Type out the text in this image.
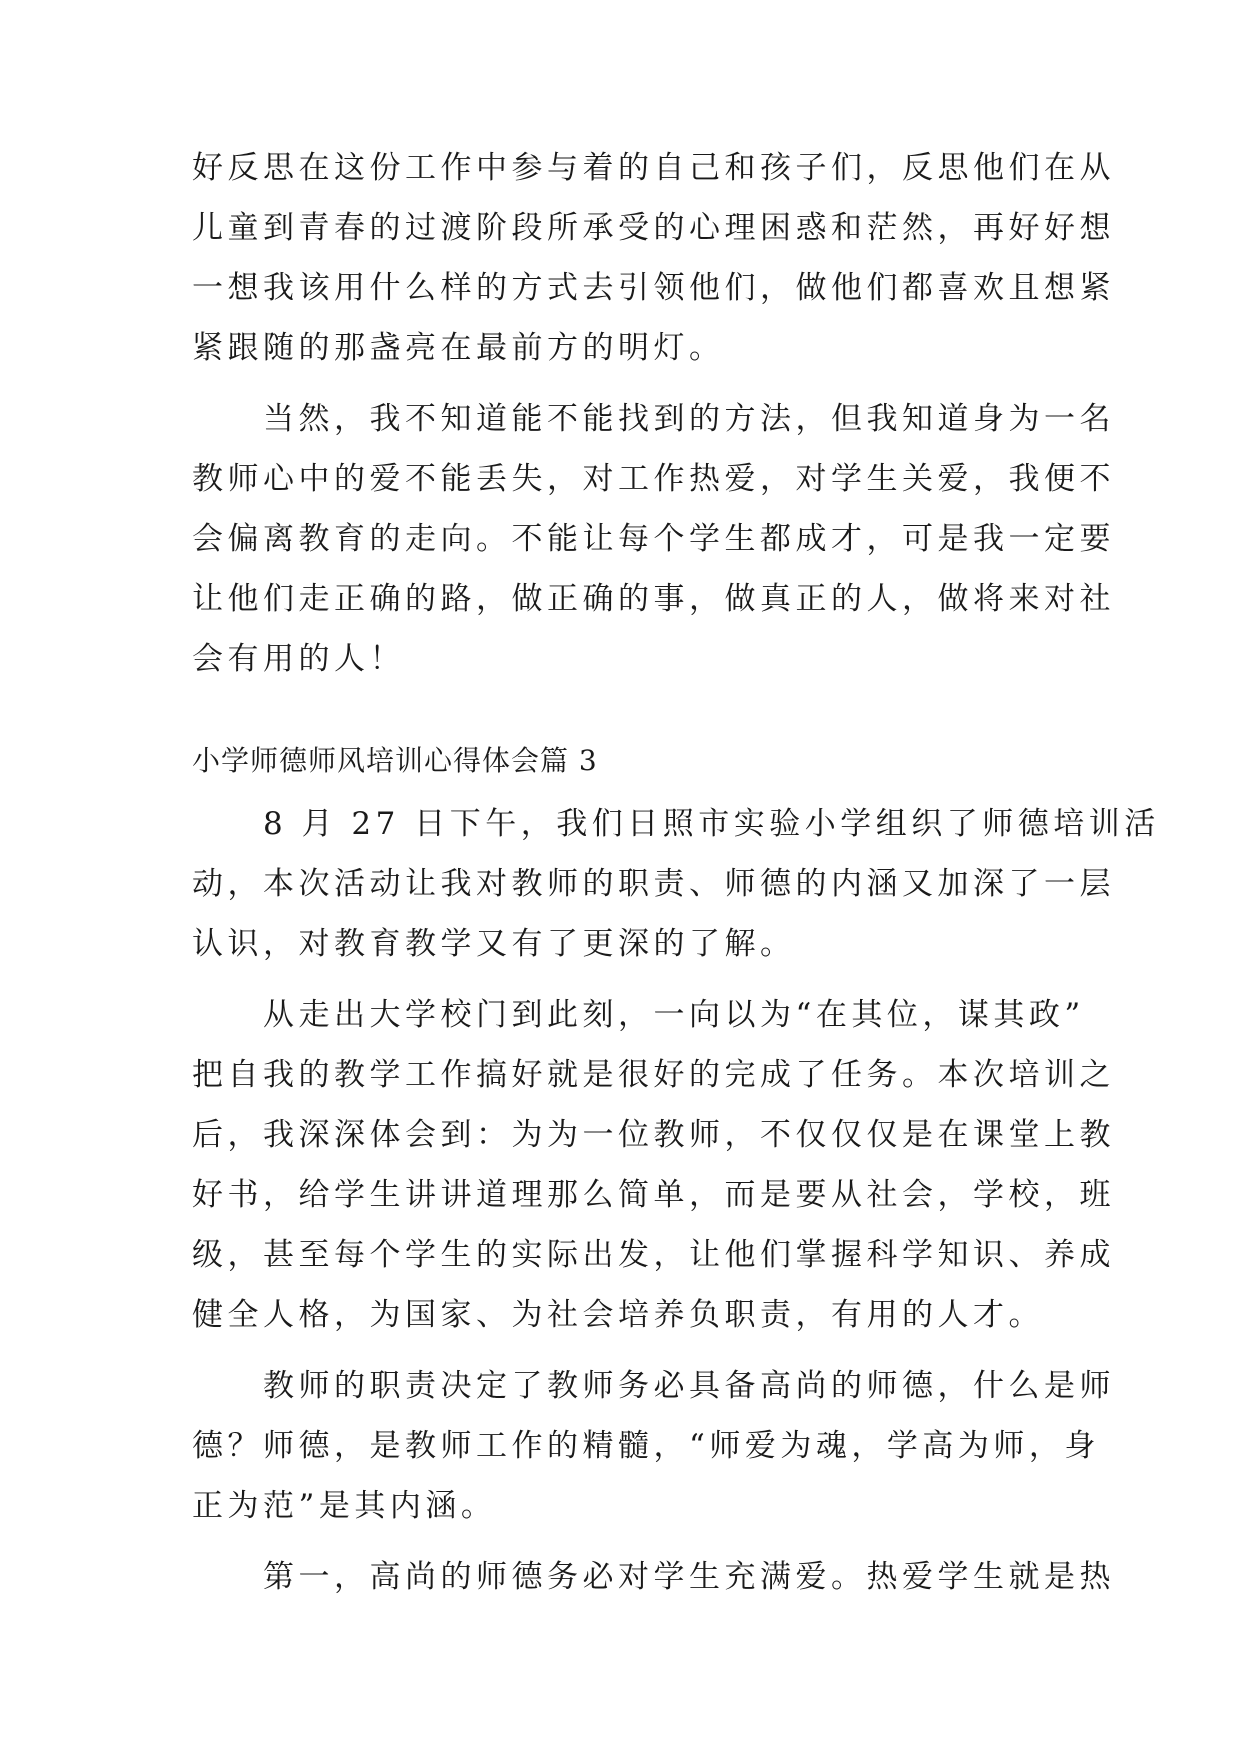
好反思在这份工作中参与着的自己和孩子们，反思他们在从
儿童到青春的过渡阶段所承受的心理困惑和茫然，再好好想
一想我该用什么样的方式去引领他们，做他们都喜欢且想紧
紧跟随的那盏亮在最前方的明灯。
　　当然，我不知道能不能找到的方法，但我知道身为一名
教师心中的爱不能丢失，对工作热爱，对学生关爱，我便不
会偏离教育的走向。不能让每个学生都成才，可是我一定要
让他们走正确的路，做正确的事，做真正的人，做将来对社
会有用的人！
小学师德师风培训心得体会篇 3
　　8 月 27 日下午，我们日照市实验小学组织了师德培训活
动，本次活动让我对教师的职责、师德的内涵又加深了一层
认识，对教育教学又有了更深的了解。
　　从走出大学校门到此刻，一向以为“在其位，谋其政”
把自我的教学工作搞好就是很好的完成了任务。本次培训之
后，我深深体会到：为为一位教师，不仅仅仅是在课堂上教
好书，给学生讲讲道理那么简单，而是要从社会，学校，班
级，甚至每个学生的实际出发，让他们掌握科学知识、养成
健全人格，为国家、为社会培养负职责，有用的人才。
　　教师的职责决定了教师务必具备高尚的师德，什么是师
德？师德，是教师工作的精髓，“师爱为魂，学高为师，身
正为范”是其内涵。
　　第一，高尚的师德务必对学生充满爱。热爱学生就是热
